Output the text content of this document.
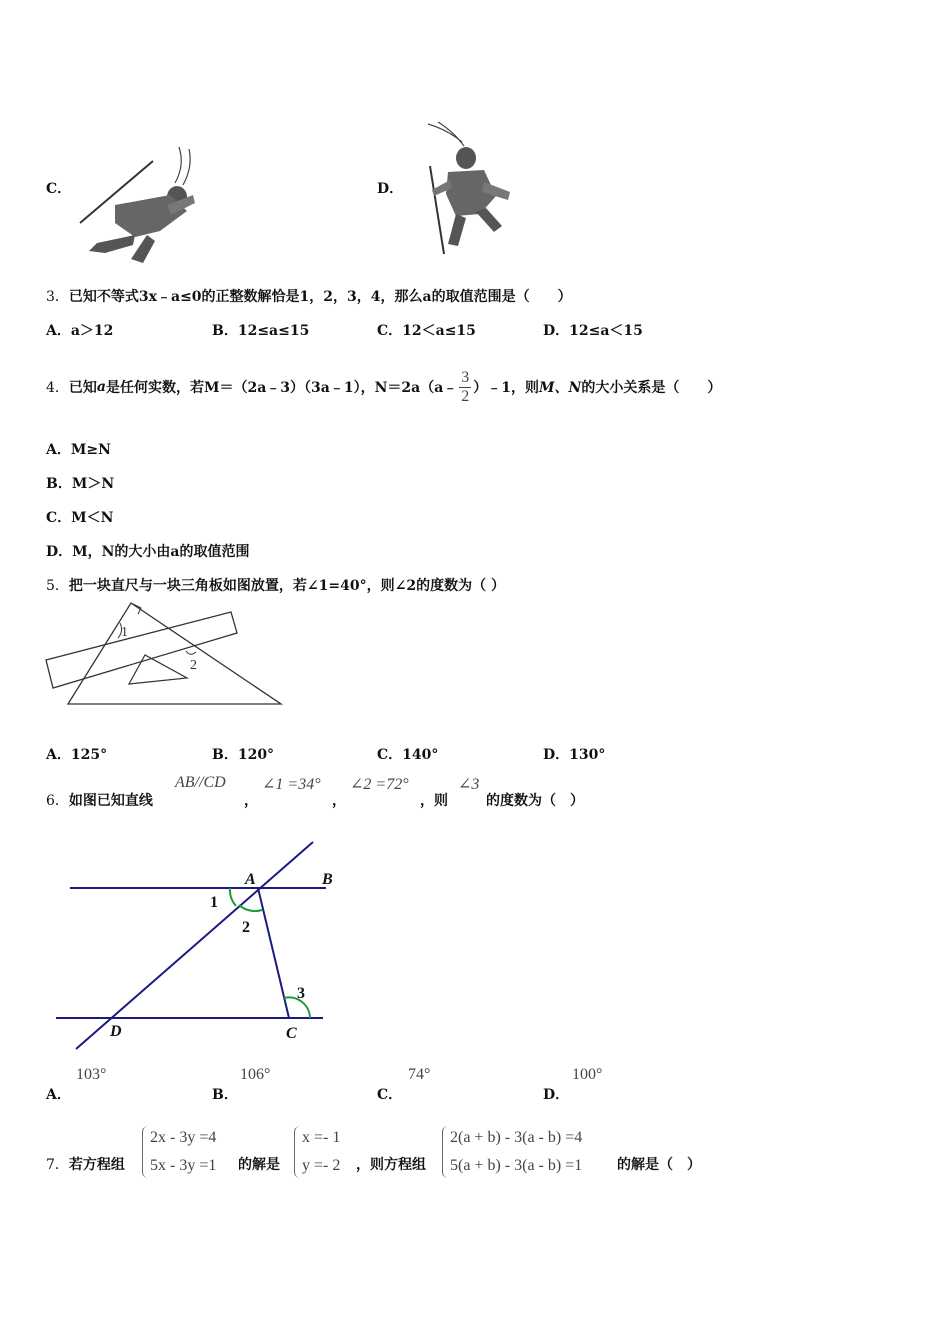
C．	D．
3．已知不等式3x﹣a≤0的正整数解恰是1，2，3，4，那么a的取值范围是（　　）
A．a＞12	B．12≤a≤15	C．12＜a≤15	D．12≤a＜15
4． 已知 a 是任何实数，若 M＝（2a﹣3）（3a﹣1），N＝2a（a﹣ $\frac{3}{2}$ ）﹣1，则 M、N 的大小关系是（　　）
A．M≥N
B．M＞N
C．M＜N
D．M，N的大小由a的取值范围
5．把一块直尺与一块三角板如图放置，若∠1=40°，则∠2的度数为（ ）
1
2
A．125°	B．120°	C．140°	D．130°
6．如图已知直线
AB//CD
，
∠1 =34°
，
∠2 =72°
，则
∠3
的度数为（　）
A	B
C
D
1
2
3
A．
103°
B．
106°
C．
74°
D．
100°
7．若方程组
2x - 3y =4
5x - 3y =1 的解是
x =- 1
y =- 2 ，则方程组
2(a + b) - 3(a - b) =4
5(a + b) - 3(a - b) =1 的解是（　）
